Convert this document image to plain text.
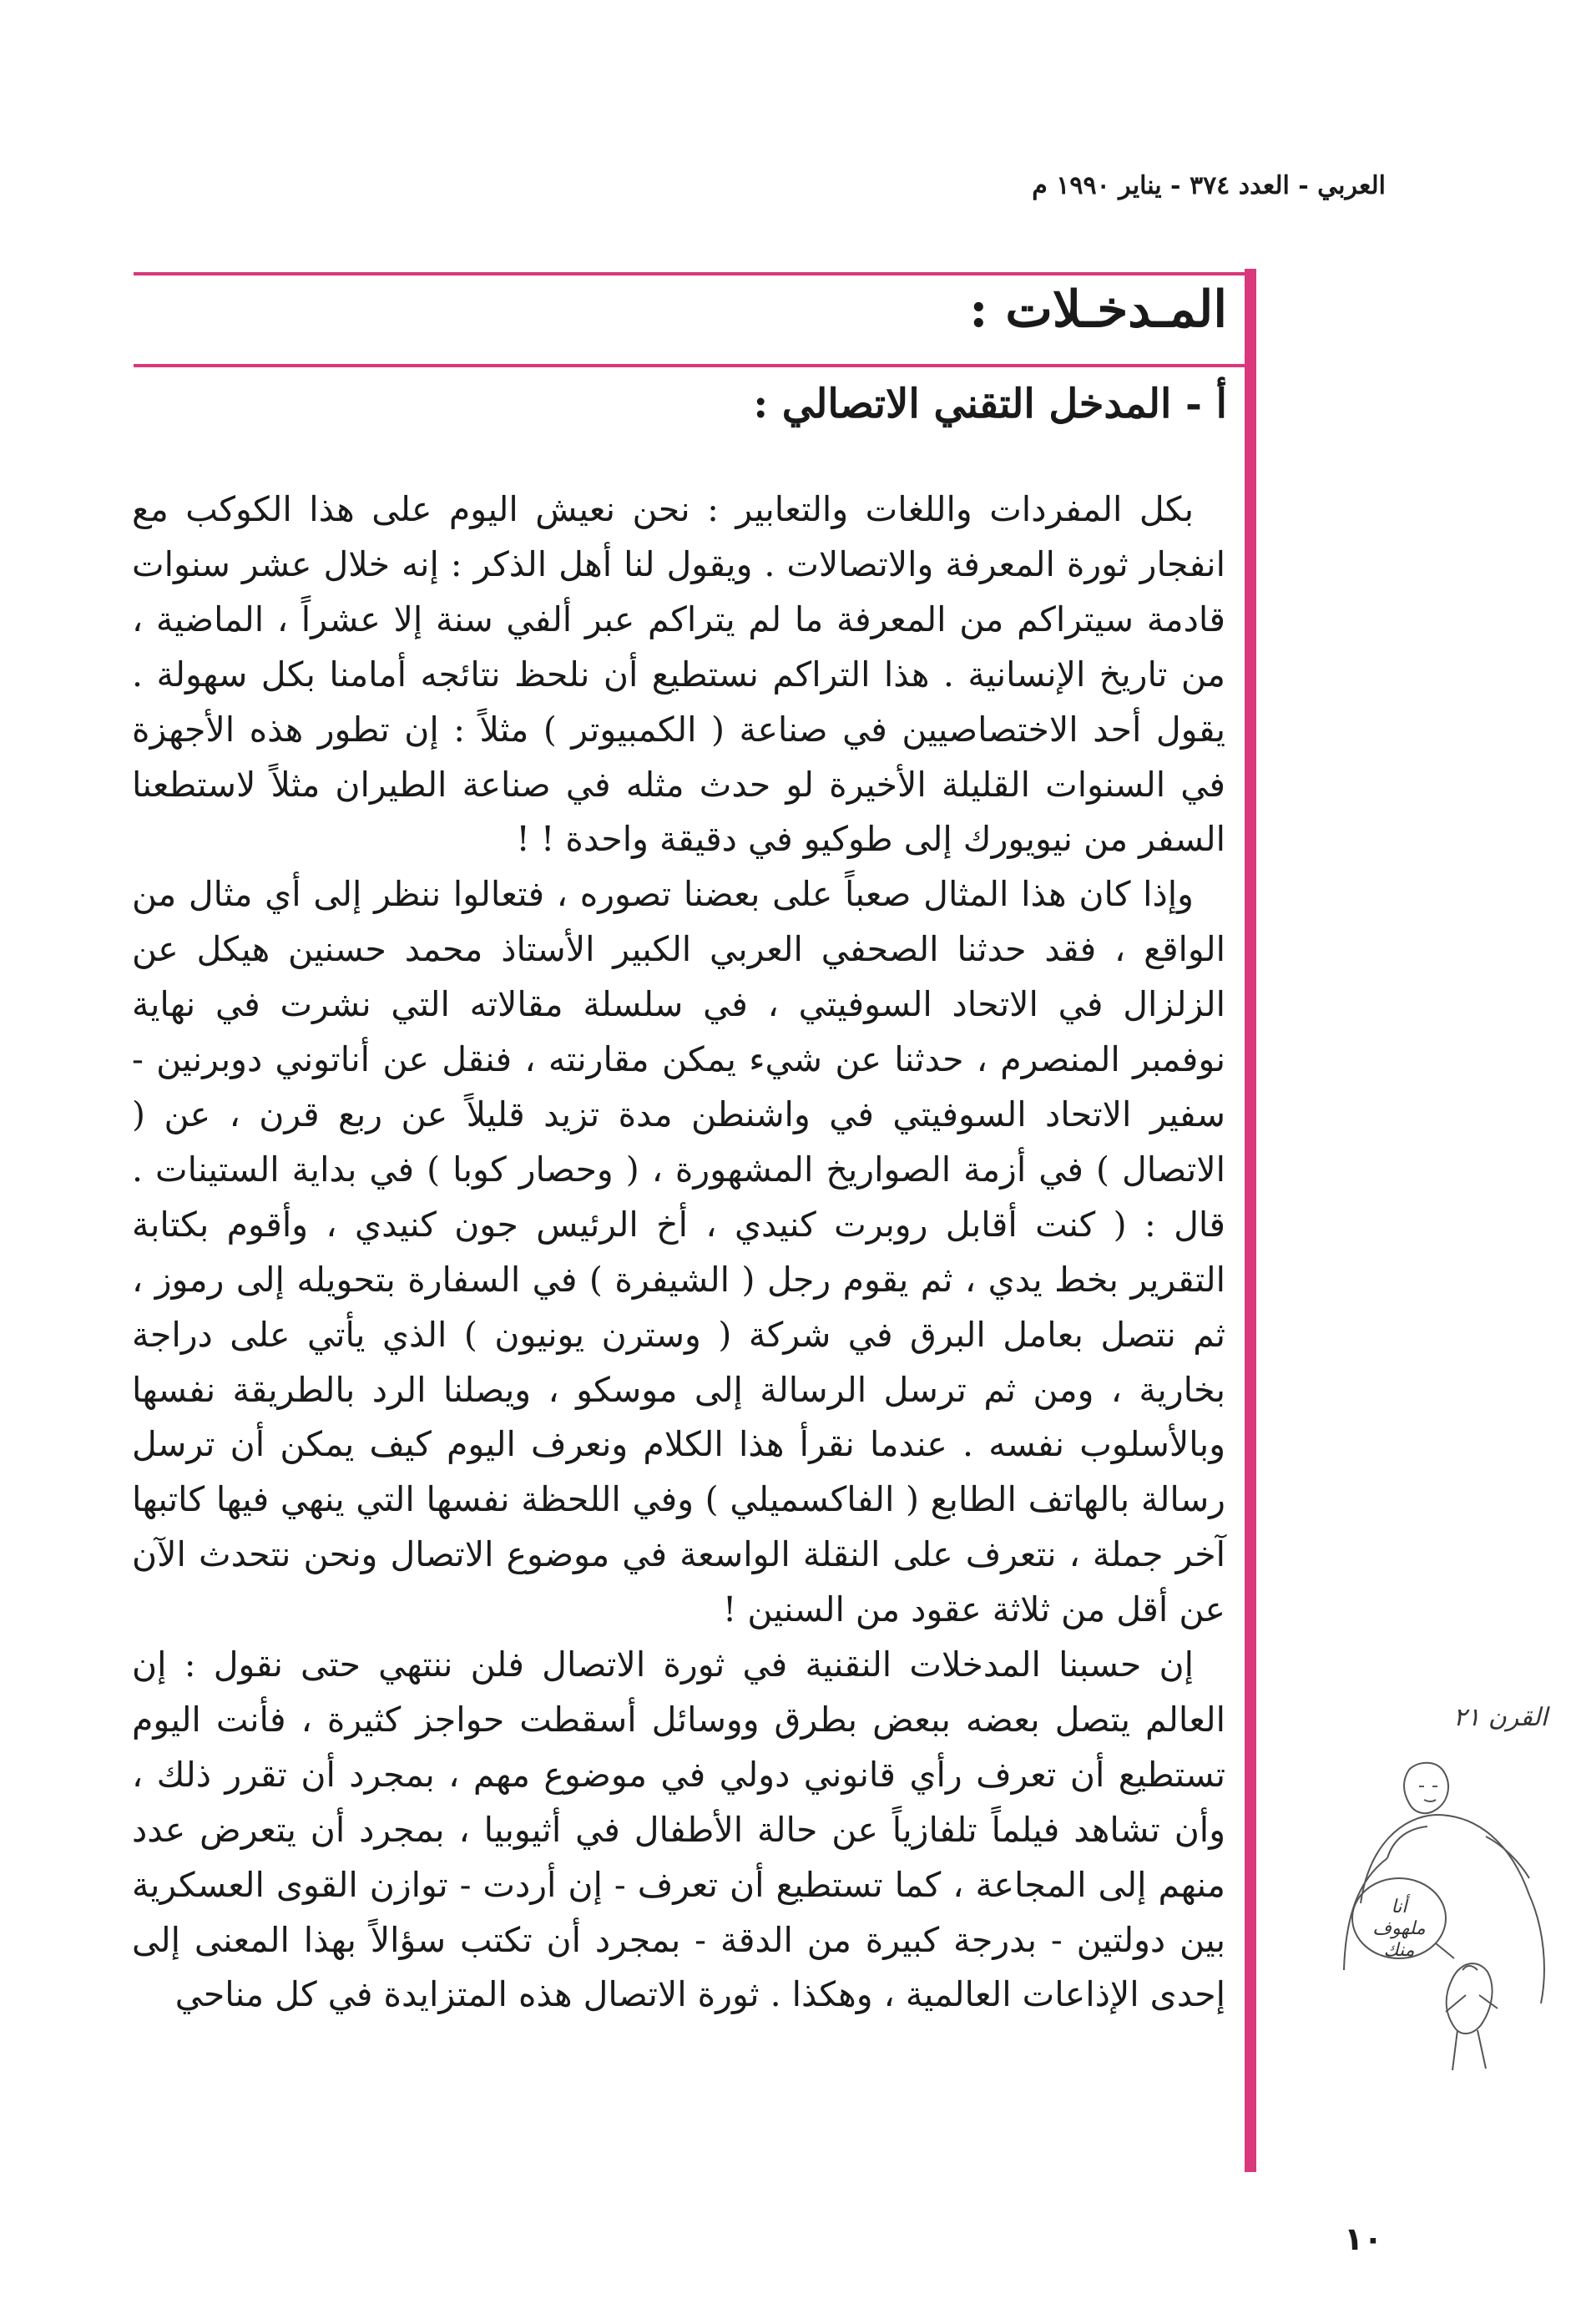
العربي - العدد ٣٧٤ - يناير ١٩٩٠ م
المـدخـلات :
أ - المدخل التقني الاتصالي :

بكل المفردات واللغات والتعابير : نحن نعيش اليوم على هذا الكوكب مع انفجار ثورة المعرفة والاتصالات . ويقول لنا أهل الذكر : إنه خلال عشر سنوات قادمة سيتراكم من المعرفة ما لم يتراكم عبر ألفي سنة إلا عشراً ، الماضية ، من تاريخ الإنسانية . هذا التراكم نستطيع أن نلحظ نتائجه أمامنا بكل سهولة . يقول أحد الاختصاصيين في صناعة ( الكمبيوتر ) مثلاً : إن تطور هذه الأجهزة في السنوات القليلة الأخيرة لو حدث مثله في صناعة الطيران مثلاً لاستطعنا السفر من نيويورك إلى طوكيو في دقيقة واحدة ! !

وإذا كان هذا المثال صعباً على بعضنا تصوره ، فتعالوا ننظر إلى أي مثال من الواقع ، فقد حدثنا الصحفي العربي الكبير الأستاذ محمد حسنين هيكل عن الزلزال في الاتحاد السوفيتي ، في سلسلة مقالاته التي نشرت في نهاية نوفمبر المنصرم ، حدثنا عن شيء يمكن مقارنته ، فنقل عن أناتوني دوبرنين - سفير الاتحاد السوفيتي في واشنطن مدة تزيد قليلاً عن ربع قرن ، عن ( الاتصال ) في أزمة الصواريخ المشهورة ، ( وحصار كوبا ) في بداية الستينات . قال : ( كنت أقابل روبرت كنيدي ، أخ الرئيس جون كنيدي ، وأقوم بكتابة التقرير بخط يدي ، ثم يقوم رجل ( الشيفرة ) في السفارة بتحويله إلى رموز ، ثم نتصل بعامل البرق في شركة ( وسترن يونيون ) الذي يأتي على دراجة بخارية ، ومن ثم ترسل الرسالة إلى موسكو ، ويصلنا الرد بالطريقة نفسها وبالأسلوب نفسه . عندما نقرأ هذا الكلام ونعرف اليوم كيف يمكن أن ترسل رسالة بالهاتف الطابع ( الفاكسميلي ) وفي اللحظة نفسها التي ينهي فيها كاتبها آخر جملة ، نتعرف على النقلة الواسعة في موضوع الاتصال ونحن نتحدث الآن عن أقل من ثلاثة عقود من السنين !

إن حسبنا المدخلات النقنية في ثورة الاتصال فلن ننتهي حتى نقول : إن العالم يتصل بعضه ببعض بطرق ووسائل أسقطت حواجز كثيرة ، فأنت اليوم تستطيع أن تعرف رأي قانوني دولي في موضوع مهم ، بمجرد أن تقرر ذلك ، وأن تشاهد فيلماً تلفازياً عن حالة الأطفال في أثيوبيا ، بمجرد أن يتعرض عدد منهم إلى المجاعة ، كما تستطيع أن تعرف - إن أردت - توازن القوى العسكرية بين دولتين - بدرجة كبيرة من الدقة - بمجرد أن تكتب سؤالاً بهذا المعنى إلى إحدى الإذاعات العالمية ، وهكذا . ثورة الاتصال هذه المتزايدة في كل مناحي

القرن ٢١
أنا
ملهوف
منك
١٠
